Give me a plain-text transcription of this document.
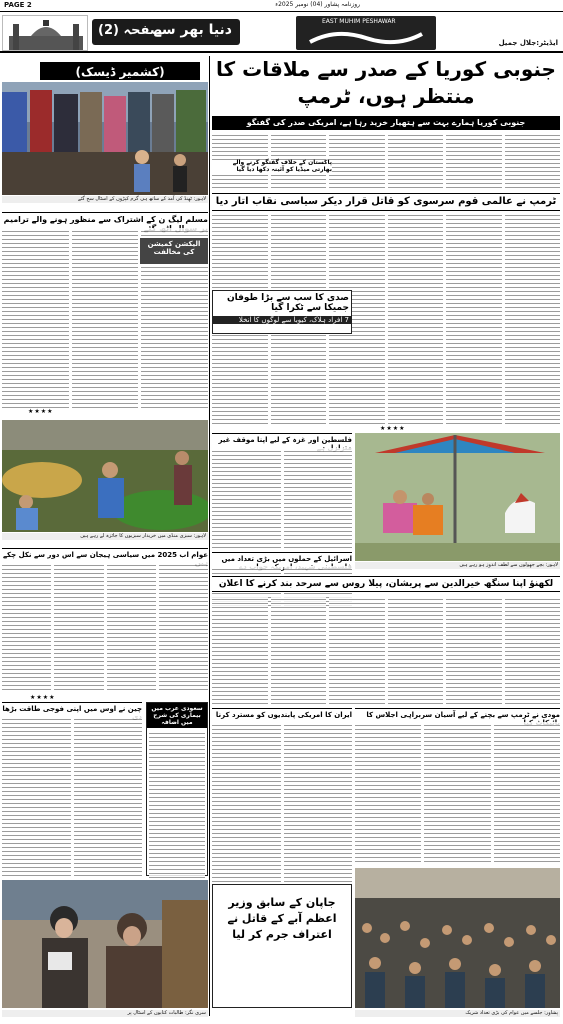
PAGE 2	روزنامہ پشاور (04) نومبر 2025ء
صفحہ (2)
دنیا بھر سے
EAST MUHIM PESHAWAR
ایڈیٹر:جلال جمیل
(کشمیر ڈیسک)
لاہور: ٹھنڈ کی آمد کے ساتھ ہی گرم کپڑوں کے اسٹال سج گئے
مسلم لیگ ن کے اشتراک سے منظور ہونے والے ترامیم
الیکشن کمیشن کی مخالفت
★★★★
لاہور: سبزی منڈی میں خریدار سبزیوں کا جائزہ لے رہے ہیں
عوام اب 2025 میں سیاسی ہیجان سے اس دور سے نکل چکے
★★★★
چین نے اوس میں اپنی فوجی طاقت بڑھا	سعودی عرب میں بیماری کی شرح میں اضافہ
سری نگر: طالبات کتابوں کے اسٹال پر
جنوبی کوریا کے صدر سے ملاقات کا منتظر ہوں، ٹرمپ
جنوبی کوریا ہمارے بہت سے ہتھیار خرید رہا ہے، امریکی صدر کی گفتگو
پاکستان کے خلاف گفتگو کرنے والے بھارتی میڈیا کو آئینہ دکھا دیا گیا
ٹرمپ نے عالمی قوم سرسوی کو قاتل قرار دیکر سیاسی نقاب اتار دیا
صدی کا سب سے بڑا طوفان جمیکا سے ٹکرا گیا
7 افراد ہلاک، کیوبا سے لوگوں کا انخلا
★★★★
فلسطین اور غزہ کے لیے اپنا موقف غیر
لاہور: بچے جھولوں سے لطف اندوز ہو رہے ہیں
اسرائیل کے حملوں میں بڑی تعداد میں امریکہ
لکھنؤ اپنا سنگھ خیرالدین سے پریشان، پیلا روس سے سرحد بند کرنے کا اعلان
مودی نے ٹرمپ سے بچنے کے لیے آسیان سربراہی اجلاس کا
ایران کا امریکی پابندیوں کو مسترد کرنا
جاپان کے سابق وزیر اعظم آبے کے قاتل نے اعتراف جرم کر لیا
پشاور: جلسے میں عوام کی بڑی تعداد شریک
